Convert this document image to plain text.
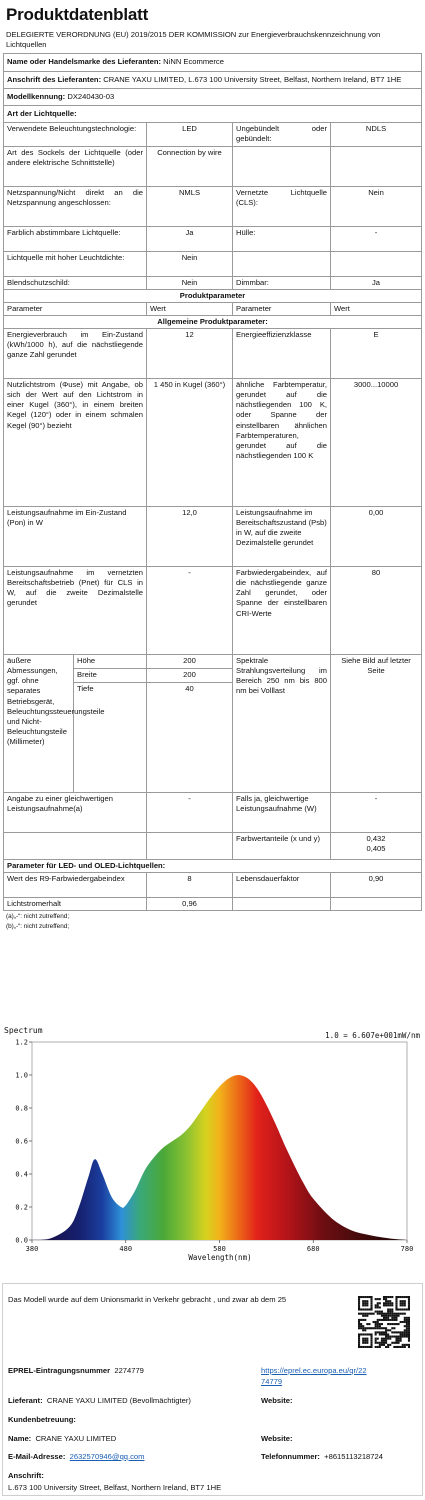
Produktdatenblatt
DELEGIERTE VERORDNUNG (EU) 2019/2015 DER KOMMISSION zur Energieverbrauchskennzeichnung von Lichtquellen
Name oder Handelsmarke des Lieferanten: NiNN Ecommerce				
Anschrift des Lieferanten: CRANE YAXU LIMITED, L.673 100 University Street, Belfast, Northern Ireland, BT7 1HE				
Modellkennung: DX240430-03				
Art der Lichtquelle:				
Verwendete Beleuchtungstechnologie:		LED	Ungebündelt oder gebündelt:	NDLS
Art des Sockels der Lichtquelle (oder andere elektrische Schnittstelle)		Connection by wire		
Netzspannung/Nicht direkt an die Netzspannung angeschlossen:		NMLS	Vernetzte Lichtquelle (CLS):	Nein
Farblich abstimmbare Lichtquelle:		Ja	Hülle:	-
Lichtquelle mit hoher Leuchtdichte:		Nein		
Blendschutzschild:		Nein	Dimmbar:	Ja
Produktparameter				
Parameter		Wert	Parameter	Wert
Allgemeine Produktparameter:				
Energieverbrauch im Ein-Zustand (kWh/1000 h), auf die nächstliegende ganze Zahl gerundet		12	Energieeffizienzklasse	E
Nutzlichtstrom (Φuse) mit Angabe, ob sich der Wert auf den Lichtstrom in einer Kugel (360°), in einem breiten Kegel (120°) oder in einem schmalen Kegel (90°) bezieht		1 450 in Kugel (360°)	ähnliche Farbtemperatur, gerundet auf die nächstliegenden 100 K, oder Spanne der einstellbaren ähnlichen Farbtemperaturen, gerundet auf die nächstliegenden 100 K	3000...10000
Leistungsaufnahme im Ein-Zustand (Pon) in W		12,0	Leistungsaufnahme im Bereitschaftszustand (Psb) in W, auf die zweite Dezimalstelle gerundet	0,00
Leistungsaufnahme im vernetzten Bereitschaftsbetrieb (Pnet) für CLS in W, auf die zweite Dezimalstelle gerundet		-	Farbwiedergabeindex, auf die nächstliegende ganze Zahl gerundet, oder Spanne der einstellbaren CRI-Werte	80
äußere Abmessungen, ggf. ohne separates Betriebsgerät, Beleuchtungssteuerungsteile und Nicht-Beleuchtungsteile (Millimeter)	Höhe	200	Spektrale Strahlungsverteilung im Bereich 250 nm bis 800 nm bei Volllast	Siehe Bild auf letzter Seite
	Breite	200		
	Tiefe	40		
Angabe zu einer gleichwertigen Leistungsaufnahme(a)		-	Falls ja, gleichwertige Leistungsaufnahme (W)	-
			Farbwertanteile (x und y)	0,432
0,405
Parameter für LED- und OLED-Lichtquellen:				
Wert des R9-Farbwiedergabeindex		8	Lebensdauerfaktor	0,90
Lichtstromerhalt		0,96		
(a)„-“: nicht zutreffend;
(b)„-“: nicht zutreffend;
Spectrum
1.0 = 6.607e+001mW/nm
0.0
0.2
0.4
0.6
0.8
1.0
1.2
380	480	580	680	780
Wavelength(nm)
Das Modell wurde auf dem Unionsmarkt in Verkehr gebracht , und zwar ab dem 25
EPREL-Eintragungsnummer 2274779	https://eprel.ec.europa.eu/qr/22
74779
Lieferant: CRANE YAXU LIMITED (Bevollmächtigter)	Website:
Kundenbetreuung:
Name: CRANE YAXU LIMITED	Website:
E-Mail-Adresse: 2632570946@qq.com	Telefonnummer: +8615113218724
Anschrift:
L.673 100 University Street, Belfast, Northern Ireland, BT7 1HE
